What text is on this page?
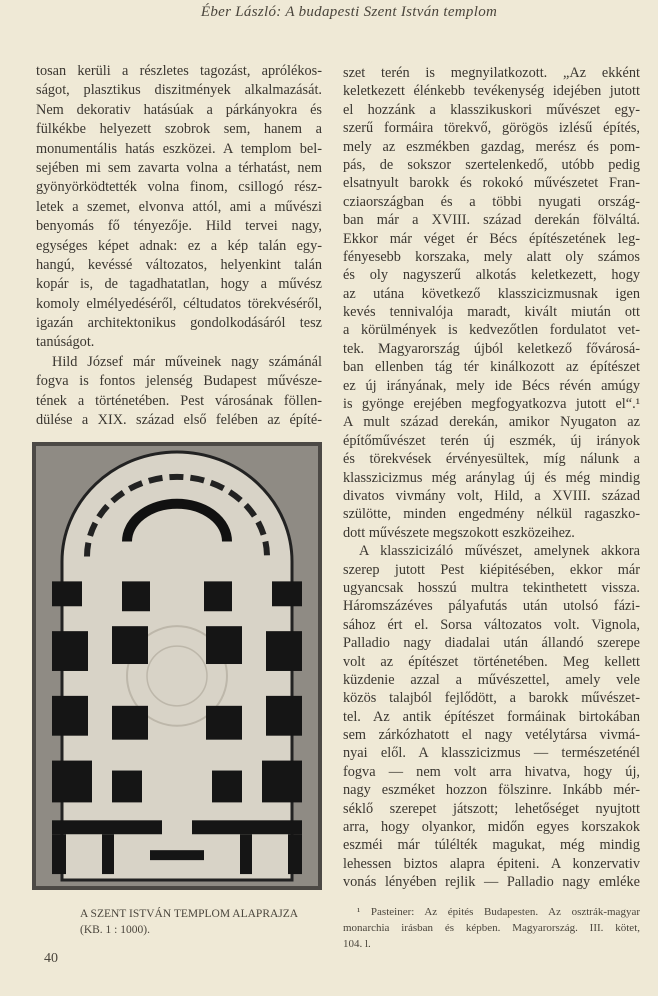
Éber László: A budapesti Szent István templom
tosan kerüli a részletes tagozást, aprólékos-
ságot, plasztikus diszitmények alkalmazását.
Nem dekorativ hatásúak a párkányokra és
fülkékbe helyezett szobrok sem, hanem a
monumentális hatás eszközei. A templom bel-
sejében mi sem zavarta volna a térhatást, nem
gyönyörködtették volna finom, csillogó rész-
letek a szemet, elvonva attól, ami a művészi
benyomás fő tényezője. Hild tervei nagy,
egységes képet adnak: ez a kép talán egy-
hangú, kevéssé változatos, helyenkint talán
kopár is, de tagadhatatlan, hogy a művész
komoly elmélyedéséről, céltudatos törekvéséről,
igazán architektonikus gondolkodásáról tesz
tanúságot.
Hild József már műveinek nagy számánál
fogva is fontos jelenség Budapest művésze-
tének a történetében. Pest városának föllen-
dülése a XIX. század első felében az építé-
szet terén is megnyilatkozott. „Az ekként
keletkezett élénkebb tevékenység idejében jutott
el hozzánk a klasszikuskori művészet egy-
szerű formáira törekvő, görögös izlésű építés,
mely az eszmékben gazdag, merész és pom-
pás, de sokszor szertelenkedő, utóbb pedig
elsatnyult barokk és rokokó művészetet Fran-
cziaországban és a többi nyugati ország-
ban már a XVIII. század derekán fölváltá.
Ekkor már véget ér Bécs építészetének leg-
fényesebb korszaka, mely alatt oly számos
és oly nagyszerű alkotás keletkezett, hogy
az utána következő klasszicizmusnak igen
kevés tennivalója maradt, kivált miután ott
a körülmények is kedvezőtlen fordulatot vet-
tek. Magyarország újból keletkező fővárosá-
ban ellenben tág tér kinálkozott az építészet
ez új irányának, mely ide Bécs révén amúgy
is gyönge erejében megfogyatkozva jutott el“.¹
A mult század derekán, amikor Nyugaton az
építőművészet terén új eszmék, új irányok
és törekvések érvényesültek, míg nálunk a
klasszicizmus még aránylag új és még mindig
divatos vivmány volt, Hild, a XVIII. század
szülötte, minden engedmény nélkül ragaszko-
dott művészete megszokott eszközeihez.
A klasszicizáló művészet, amelynek akkora
szerep jutott Pest kiépitésében, ekkor már
ugyancsak hosszú multra tekinthetett vissza.
Háromszázéves pályafutás után utolsó fázi-
sához ért el. Sorsa változatos volt. Vignola,
Palladio nagy diadalai után állandó szerepe
volt az építészet történetében. Meg kellett
küzdenie azzal a művészettel, amely vele
közös talajból fejlődött, a barokk művészet-
tel. Az antik építészet formáinak birtokában
sem zárkózhatott el nagy vetélytársa vivmá-
nyai elől. A klasszicizmus — természeténél
fogva — nem volt arra hivatva, hogy új,
nagy eszméket hozzon fölszinre. Inkább mér-
séklő szerepet játszott; lehetőséget nyujtott
arra, hogy olyankor, midőn egyes korszakok
eszméi már túlélték magukat, még mindig
lehessen biztos alapra épiteni. A konzervativ
vonás lényében rejlik — Palladio nagy emléke
A SZENT ISTVÁN TEMPLOM ALAPRAJZA
(KB. 1 : 1000).
¹ Pasteiner: Az épités Budapesten. Az osztrák-magyar
monarchia irásban és képben. Magyarország. III. kötet,
104. l.
40
